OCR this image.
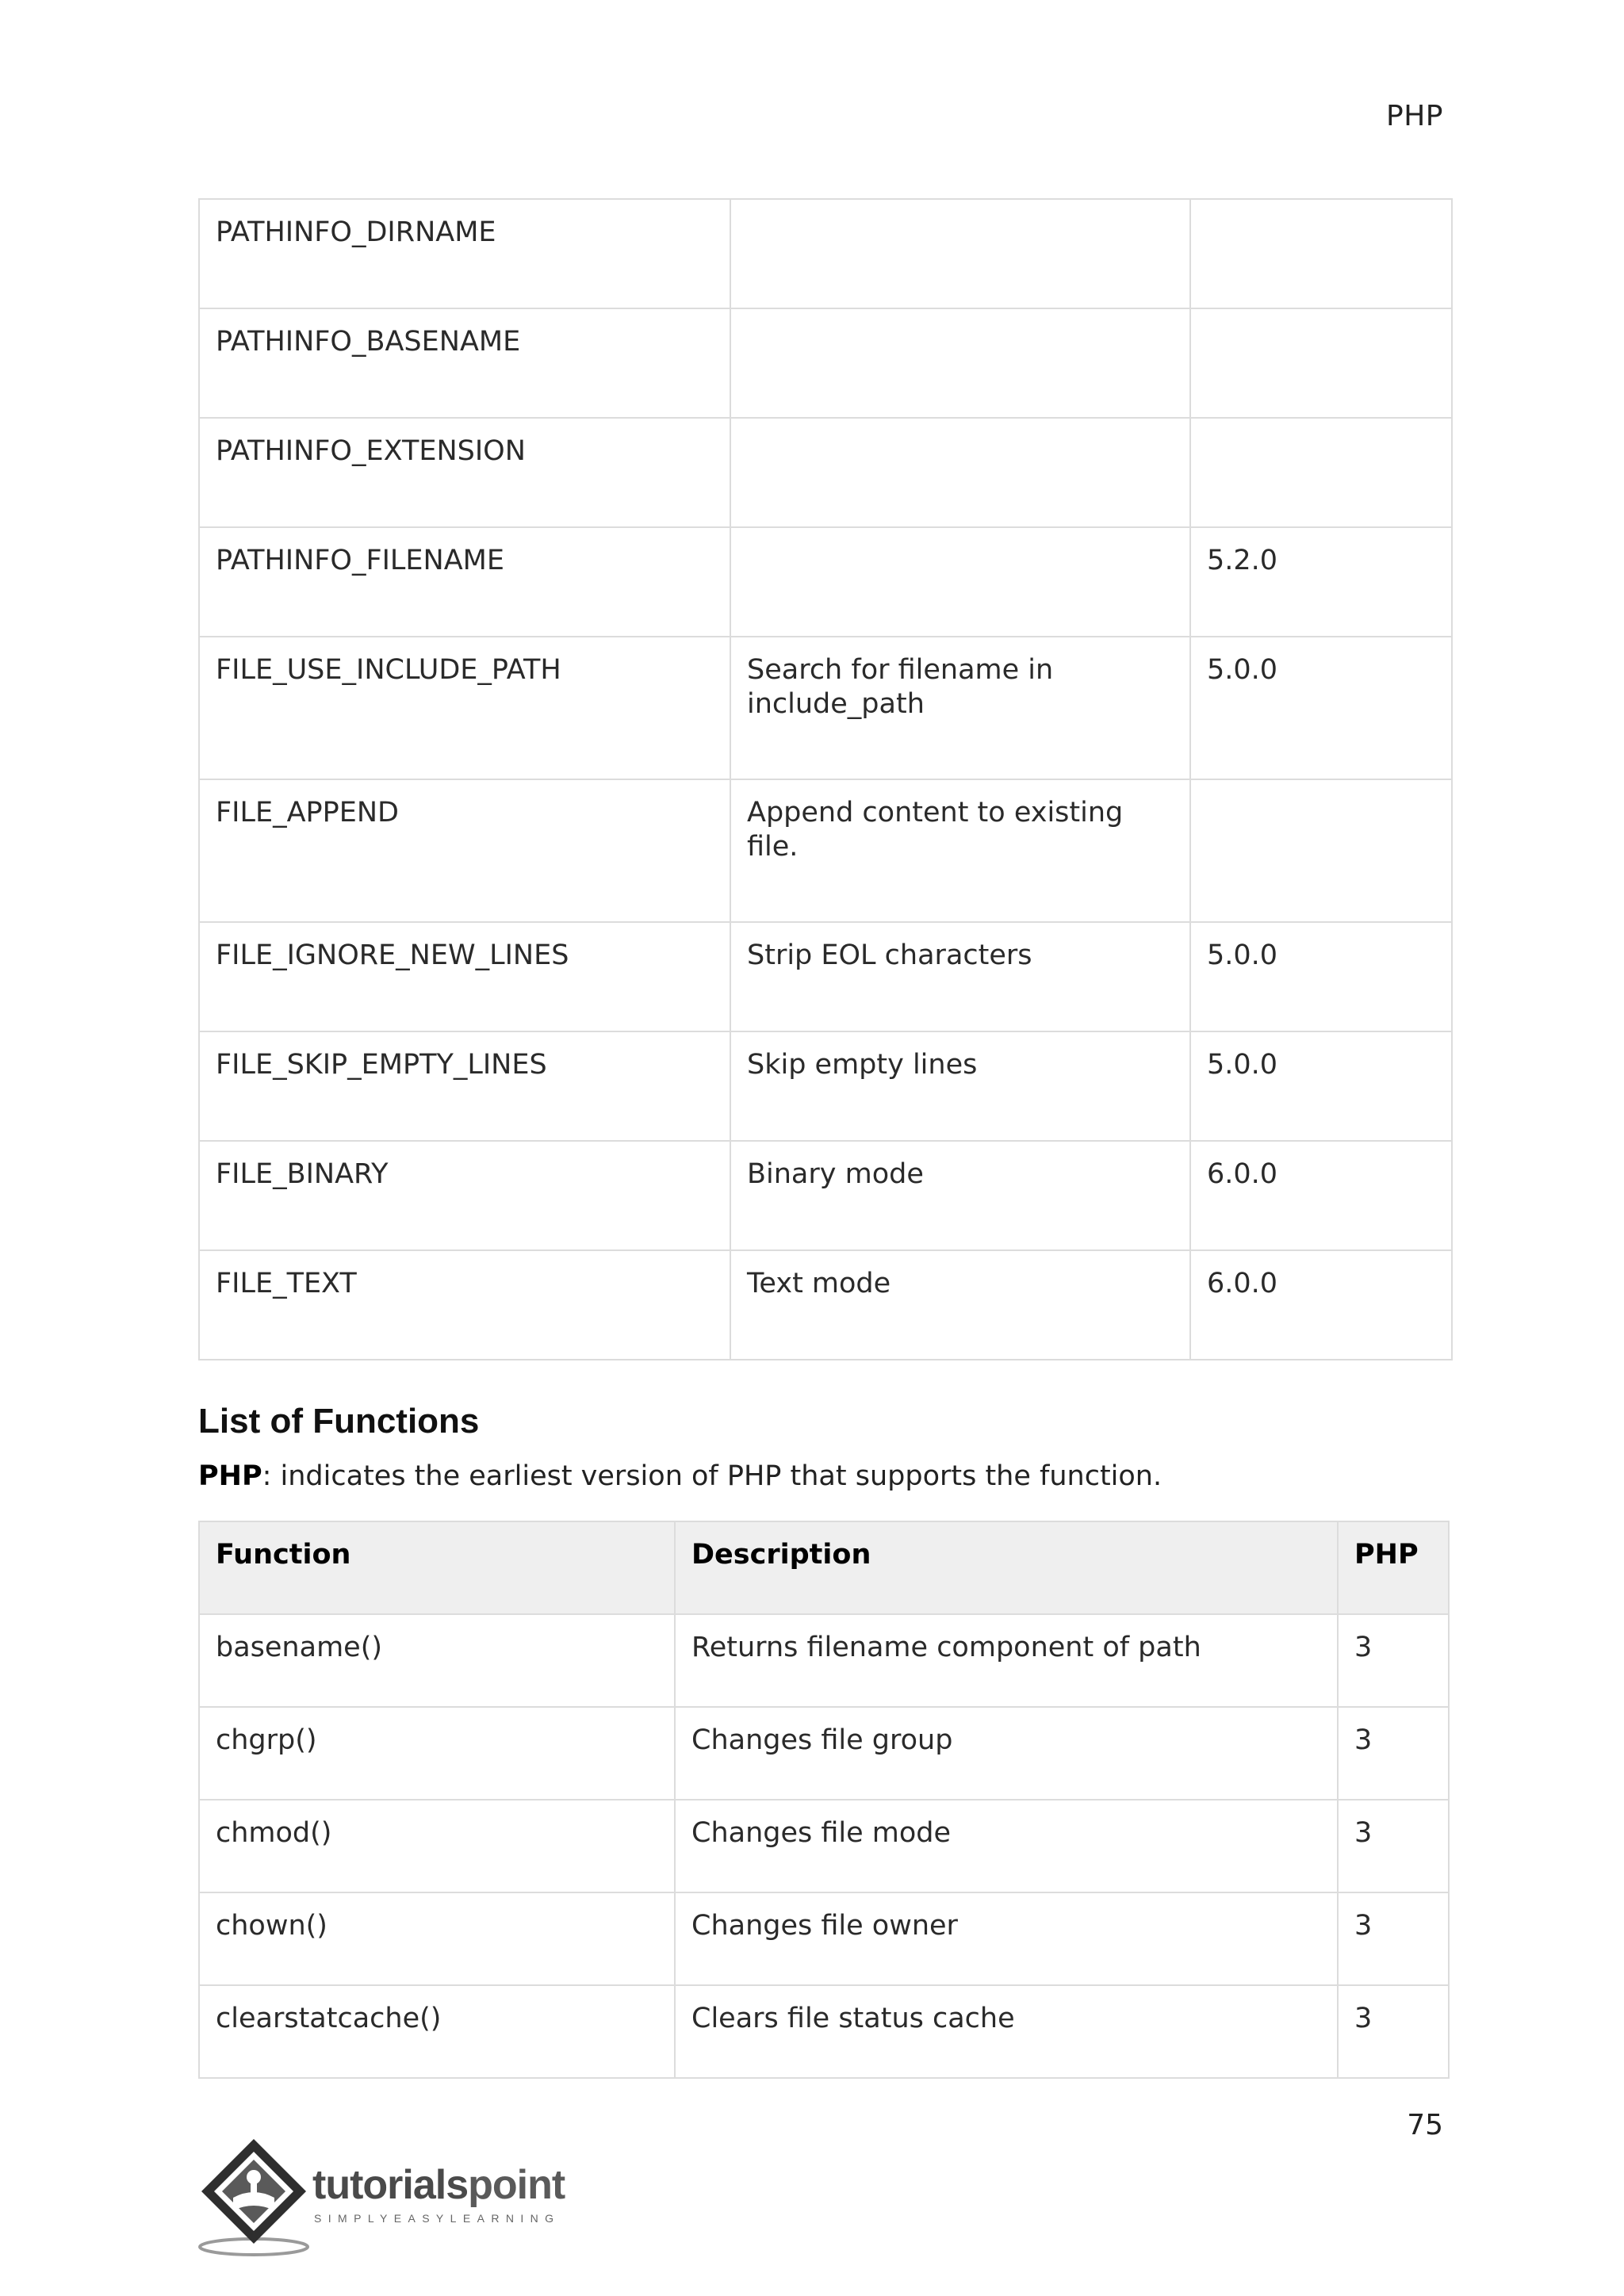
PHP
PATHINFO_DIRNAME		
PATHINFO_BASENAME		
PATHINFO_EXTENSION		
PATHINFO_FILENAME		5.2.0
FILE_USE_INCLUDE_PATH	Search for filename in include_path	5.0.0
FILE_APPEND	Append content to existing file.	
FILE_IGNORE_NEW_LINES	Strip EOL characters	5.0.0
FILE_SKIP_EMPTY_LINES	Skip empty lines	5.0.0
FILE_BINARY	Binary mode	6.0.0
FILE_TEXT	Text mode	6.0.0
List of Functions

PHP: indicates the earliest version of PHP that supports the function.

Function	Description	PHP
basename()	Returns filename component of path	3
chgrp()	Changes file group	3
chmod()	Changes file mode	3
chown()	Changes file owner	3
clearstatcache()	Clears file status cache	3
75
tutorialspoint
SIMPLYEASYLEARNING
